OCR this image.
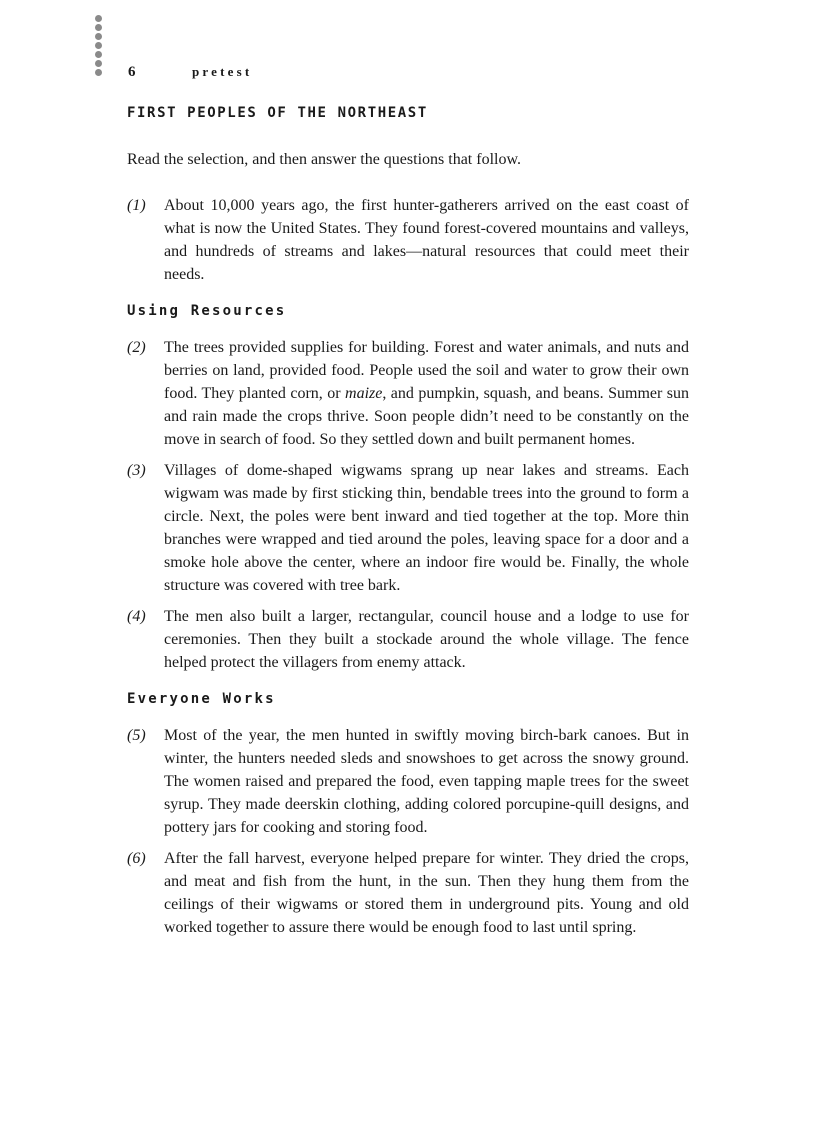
6	pretest
FIRST PEOPLES OF THE NORTHEAST

Read the selection, and then answer the questions that follow.

(1) About 10,000 years ago, the first hunter-gatherers arrived on the east coast of what is now the United States. They found forest-covered mountains and valleys, and hundreds of streams and lakes—natural resources that could meet their needs.
Using Resources
(2) The trees provided supplies for building. Forest and water animals, and nuts and berries on land, provided food. People used the soil and water to grow their own food. They planted corn, or maize, and pumpkin, squash, and beans. Summer sun and rain made the crops thrive. Soon people didn’t need to be constantly on the move in search of food. So they settled down and built permanent homes.
(3) Villages of dome-shaped wigwams sprang up near lakes and streams. Each wigwam was made by first sticking thin, bendable trees into the ground to form a circle. Next, the poles were bent inward and tied together at the top. More thin branches were wrapped and tied around the poles, leaving space for a door and a smoke hole above the center, where an indoor fire would be. Finally, the whole structure was covered with tree bark.
(4) The men also built a larger, rectangular, council house and a lodge to use for ceremonies. Then they built a stockade around the whole village. The fence helped protect the villagers from enemy attack.
Everyone Works
(5) Most of the year, the men hunted in swiftly moving birch-bark canoes. But in winter, the hunters needed sleds and snowshoes to get across the snowy ground. The women raised and prepared the food, even tapping maple trees for the sweet syrup. They made deerskin clothing, adding colored porcupine-quill designs, and pottery jars for cooking and storing food.
(6) After the fall harvest, everyone helped prepare for winter. They dried the crops, and meat and fish from the hunt, in the sun. Then they hung them from the ceilings of their wigwams or stored them in underground pits. Young and old worked together to assure there would be enough food to last until spring.
